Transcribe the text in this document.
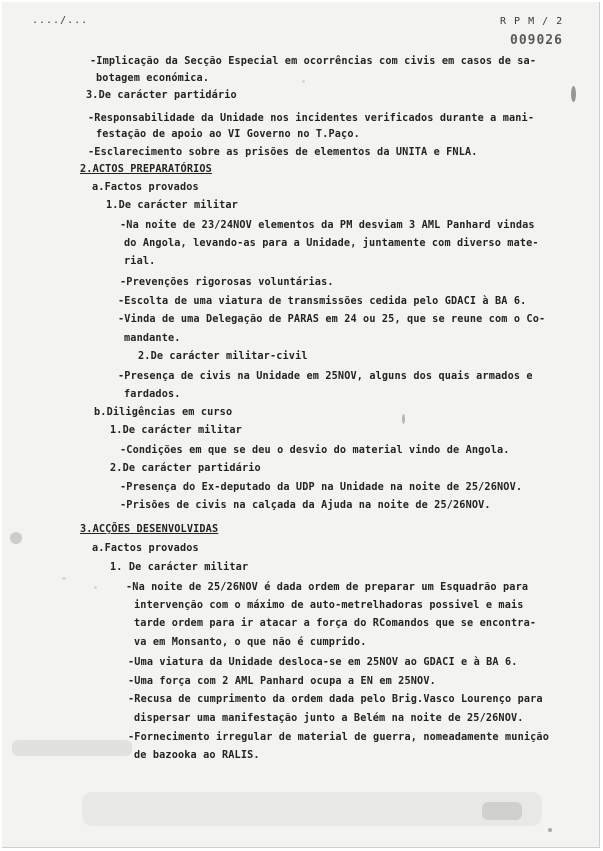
..../...	R P M / 2
009026
-Implicação da Secção Especial em ocorrências com civis em casos de sa-
botagem económica.
3.De carácter partidário
-Responsabilidade da Unidade nos incidentes verificados durante a mani-
festação de apoio ao VI Governo no T.Paço.
-Esclarecimento sobre as prisões de elementos da UNITA e FNLA.
2.ACTOS PREPARATÓRIOS
a.Factos provados
1.De carácter militar
-Na noite de 23/24NOV elementos da PM desviam 3 AML Panhard vindas
do Angola, levando-as para a Unidade, juntamente com diverso mate-
rial.
-Prevenções rigorosas voluntárias.
-Escolta de uma viatura de transmissões cedida pelo GDACI à BA 6.
-Vinda de uma Delegação de PARAS em 24 ou 25, que se reune com o Co-
mandante.
2.De carácter militar-civil
-Presença de civis na Unidade em 25NOV, alguns dos quais armados e
fardados.
b.Diligências em curso
1.De carácter militar
-Condições em que se deu o desvio do material vindo de Angola.
2.De carácter partidário
-Presença do Ex-deputado da UDP na Unidade na noite de 25/26NOV.
-Prisões de civis na calçada da Ajuda na noite de 25/26NOV.
3.ACÇÕES DESENVOLVIDAS
a.Factos provados
1. De carácter militar
-Na noite de 25/26NOV é dada ordem de preparar um Esquadrão para
intervenção com o máximo de auto-metrelhadoras possivel e mais
tarde ordem para ir atacar a força do RComandos que se encontra-
va em Monsanto, o que não é cumprido.
-Uma viatura da Unidade desloca-se em 25NOV ao GDACI e à BA 6.
-Uma força com 2 AML Panhard ocupa a EN em 25NOV.
-Recusa de cumprimento da ordem dada pelo Brig.Vasco Lourenço para
dispersar uma manifestação junto a Belém na noite de 25/26NOV.
-Fornecimento irregular de material de guerra, nomeadamente munição
de bazooka ao RALIS.
